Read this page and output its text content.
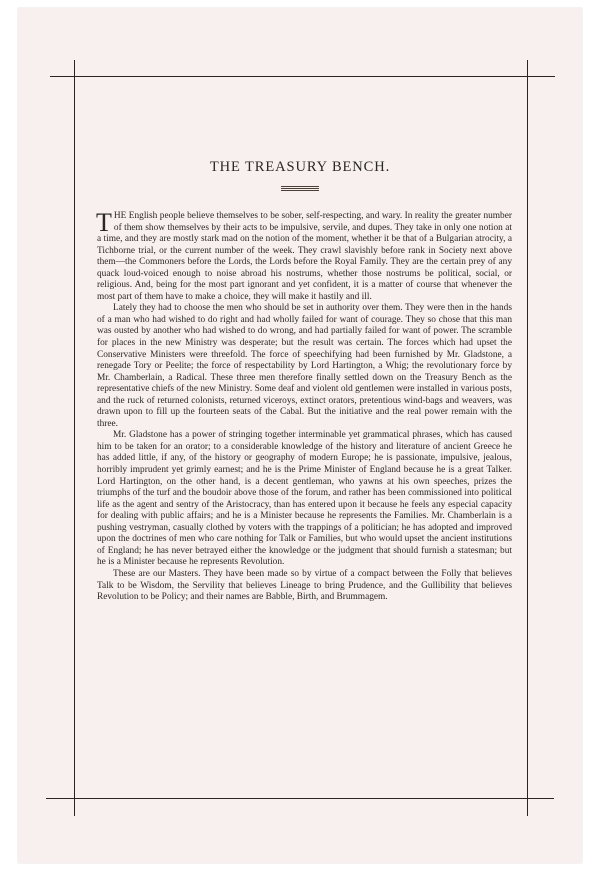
THE TREASURY BENCH.

THE English people believe themselves to be sober, self-respecting, and wary. In reality the greater number of them show themselves by their acts to be impulsive, servile, and dupes. They take in only one notion at a time, and they are mostly stark mad on the notion of the moment, whether it be that of a Bulgarian atrocity, a Tichborne trial, or the current number of the week. They crawl slavishly before rank in Society next above them—the Commoners before the Lords, the Lords before the Royal Family. They are the certain prey of any quack loud-voiced enough to noise abroad his nostrums, whether those nostrums be political, social, or religious. And, being for the most part ignorant and yet confident, it is a matter of course that whenever the most part of them have to make a choice, they will make it hastily and ill.

Lately they had to choose the men who should be set in authority over them. They were then in the hands of a man who had wished to do right and had wholly failed for want of courage. They so chose that this man was ousted by another who had wished to do wrong, and had partially failed for want of power. The scramble for places in the new Ministry was desperate; but the result was certain. The forces which had upset the Conservative Ministers were threefold. The force of speechifying had been furnished by Mr. Gladstone, a renegade Tory or Peelite; the force of respectability by Lord Hartington, a Whig; the revolutionary force by Mr. Chamberlain, a Radical. These three men therefore finally settled down on the Treasury Bench as the representative chiefs of the new Ministry. Some deaf and violent old gentlemen were installed in various posts, and the ruck of returned colonists, returned viceroys, extinct orators, pretentious wind-bags and weavers, was drawn upon to fill up the fourteen seats of the Cabal. But the initiative and the real power remain with the three.

Mr. Gladstone has a power of stringing together interminable yet grammatical phrases, which has caused him to be taken for an orator; to a considerable knowledge of the history and literature of ancient Greece he has added little, if any, of the history or geography of modern Europe; he is passionate, impulsive, jealous, horribly imprudent yet grimly earnest; and he is the Prime Minister of England because he is a great Talker. Lord Hartington, on the other hand, is a decent gentleman, who yawns at his own speeches, prizes the triumphs of the turf and the boudoir above those of the forum, and rather has been commissioned into political life as the agent and sentry of the Aristocracy, than has entered upon it because he feels any especial capacity for dealing with public affairs; and he is a Minister because he represents the Families. Mr. Chamberlain is a pushing vestryman, casually clothed by voters with the trappings of a politician; he has adopted and improved upon the doctrines of men who care nothing for Talk or Families, but who would upset the ancient institutions of England; he has never betrayed either the knowledge or the judgment that should furnish a statesman; but he is a Minister because he represents Revolution.

These are our Masters. They have been made so by virtue of a compact between the Folly that believes Talk to be Wisdom, the Servility that believes Lineage to bring Prudence, and the Gullibility that believes Revolution to be Policy; and their names are Babble, Birth, and Brummagem.
